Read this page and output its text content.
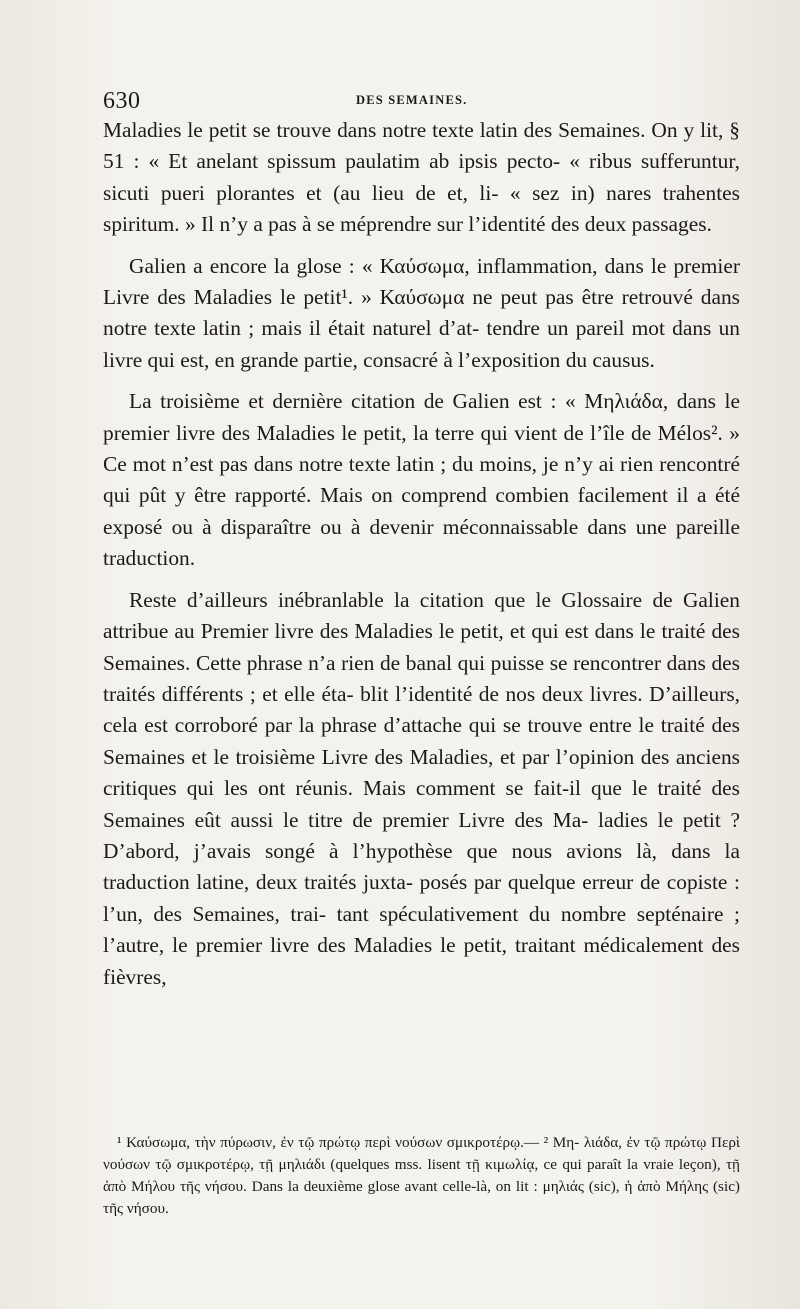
630	DES SEMAINES.

Maladies le petit se trouve dans notre texte latin des Semaines. On y lit, § 51 : « Et anelant spissum paulatim ab ipsis pecto- « ribus sufferuntur, sicuti pueri plorantes et (au lieu de et, li- « sez in) nares trahentes spiritum. » Il n’y a pas à se méprendre sur l’identité des deux passages.

Galien a encore la glose : « Καύσωμα, inflammation, dans le premier Livre des Maladies le petit¹. » Καύσωμα ne peut pas être retrouvé dans notre texte latin ; mais il était naturel d’at- tendre un pareil mot dans un livre qui est, en grande partie, consacré à l’exposition du causus.

La troisième et dernière citation de Galien est : « Μηλιάδα, dans le premier livre des Maladies le petit, la terre qui vient de l’île de Mélos². » Ce mot n’est pas dans notre texte latin ; du moins, je n’y ai rien rencontré qui pût y être rapporté. Mais on comprend combien facilement il a été exposé ou à disparaître ou à devenir méconnaissable dans une pareille traduction.

Reste d’ailleurs inébranlable la citation que le Glossaire de Galien attribue au Premier livre des Maladies le petit, et qui est dans le traité des Semaines. Cette phrase n’a rien de banal qui puisse se rencontrer dans des traités différents ; et elle éta- blit l’identité de nos deux livres. D’ailleurs, cela est corroboré par la phrase d’attache qui se trouve entre le traité des Semaines et le troisième Livre des Maladies, et par l’opinion des anciens critiques qui les ont réunis. Mais comment se fait-il que le traité des Semaines eût aussi le titre de premier Livre des Ma- ladies le petit ? D’abord, j’avais songé à l’hypothèse que nous avions là, dans la traduction latine, deux traités juxta- posés par quelque erreur de copiste : l’un, des Semaines, trai- tant spéculativement du nombre septénaire ; l’autre, le premier livre des Maladies le petit, traitant médicalement des fièvres,

¹ Καύσωμα, τὴν πύρωσιν, ἐν τῷ πρώτῳ περὶ νούσων σμικροτέρῳ.— ² Μη- λιάδα, ἐν τῷ πρώτῳ Περὶ νούσων τῷ σμικροτέρῳ, τῇ μηλιάδι (quelques mss. lisent τῇ κιμωλίᾳ, ce qui paraît la vraie leçon), τῇ ἀπὸ Μήλου τῆς νήσου. Dans la deuxième glose avant celle-là, on lit : μηλιάς (sic), ἡ ἀπὸ Μήλης (sic) τῆς νήσου.
